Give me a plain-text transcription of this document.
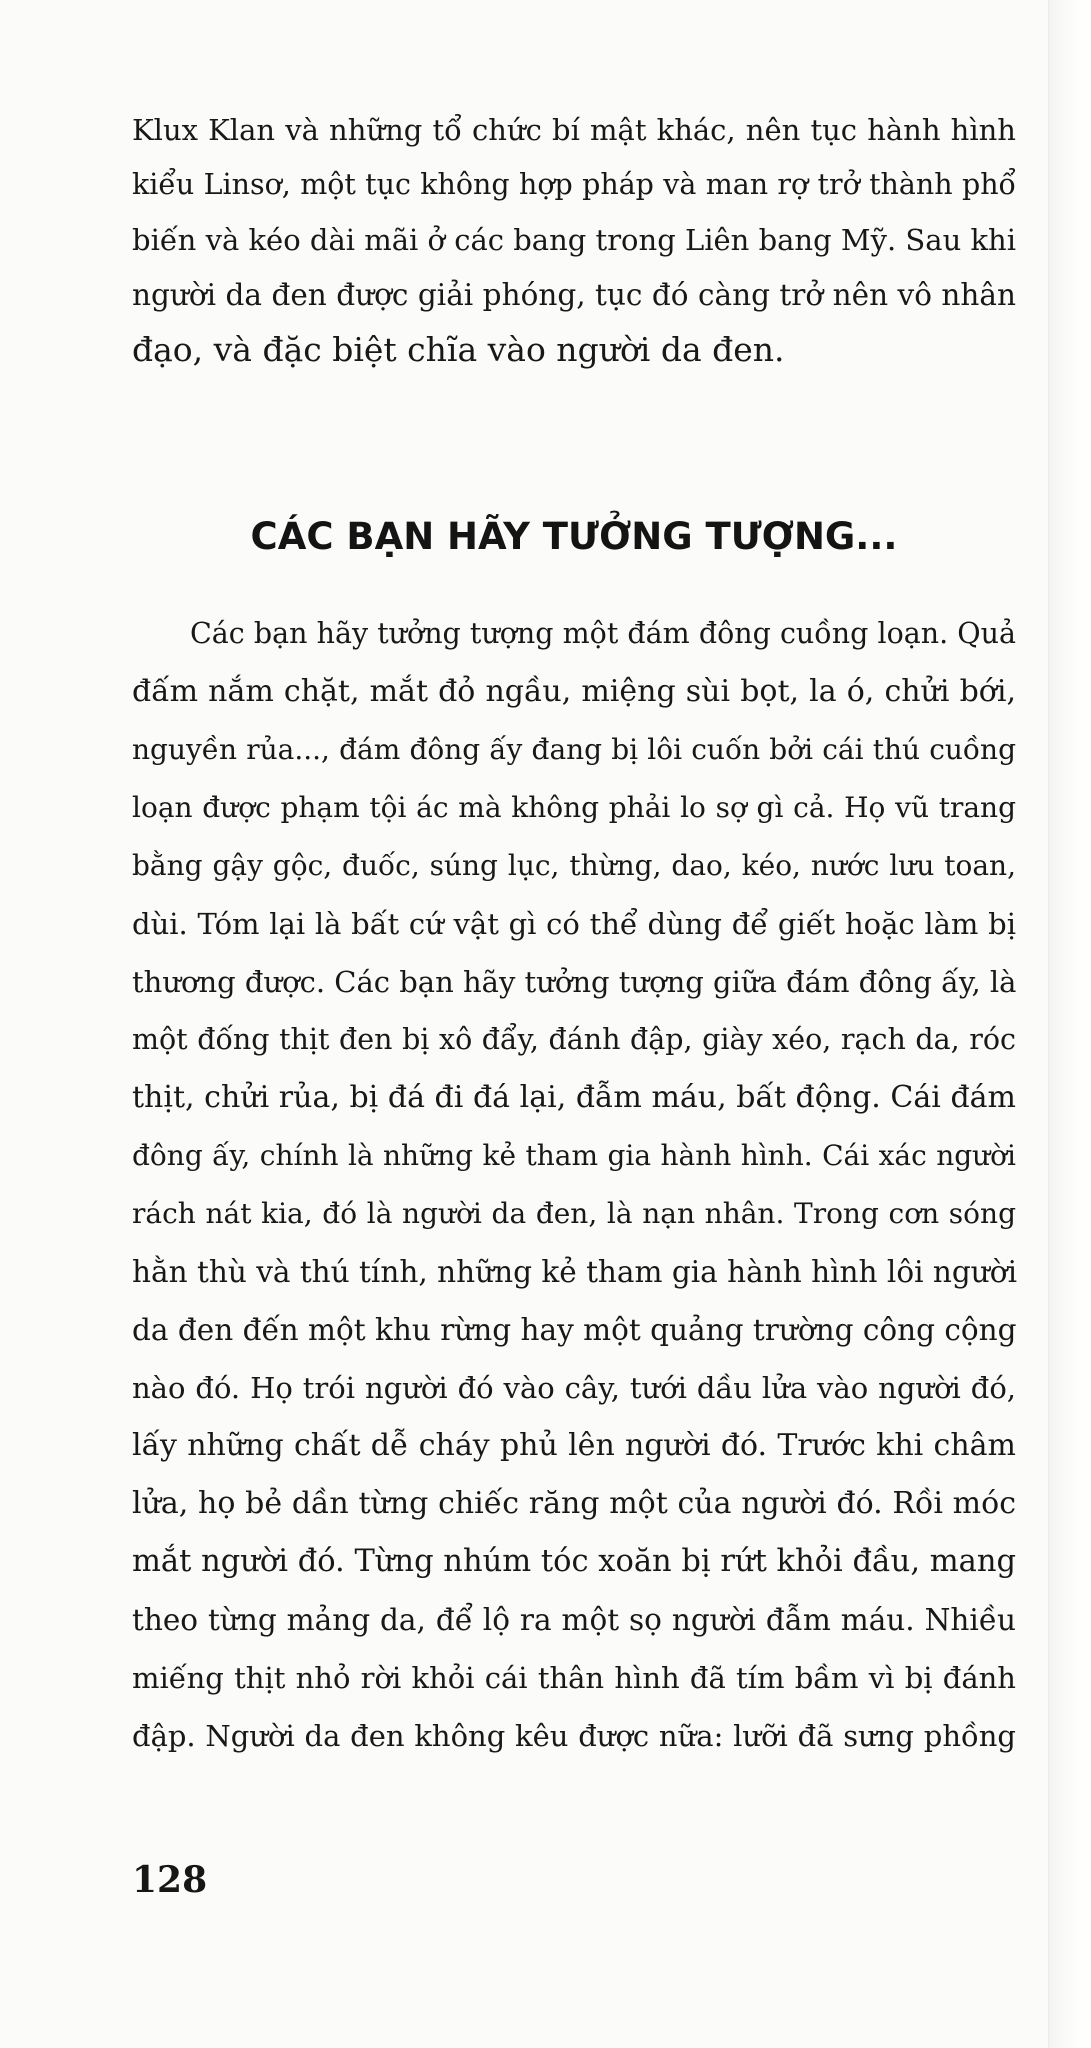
Klux Klan và những tổ chức bí mật khác, nên tục hành hình
kiểu Linsơ, một tục không hợp pháp và man rợ trở thành phổ
biến và kéo dài mãi ở các bang trong Liên bang Mỹ. Sau khi
người da đen được giải phóng, tục đó càng trở nên vô nhân
đạo, và đặc biệt chĩa vào người da đen.
CÁC BẠN HÃY TƯỞNG TƯỢNG...
Các bạn hãy tưởng tượng một đám đông cuồng loạn. Quả
đấm nắm chặt, mắt đỏ ngầu, miệng sùi bọt, la ó, chửi bới,
nguyền rủa..., đám đông ấy đang bị lôi cuốn bởi cái thú cuồng
loạn được phạm tội ác mà không phải lo sợ gì cả. Họ vũ trang
bằng gậy gộc, đuốc, súng lục, thừng, dao, kéo, nước lưu toan,
dùi. Tóm lại là bất cứ vật gì có thể dùng để giết hoặc làm bị
thương được. Các bạn hãy tưởng tượng giữa đám đông ấy, là
một đống thịt đen bị xô đẩy, đánh đập, giày xéo, rạch da, róc
thịt, chửi rủa, bị đá đi đá lại, đẫm máu, bất động. Cái đám
đông ấy, chính là những kẻ tham gia hành hình. Cái xác người
rách nát kia, đó là người da đen, là nạn nhân. Trong cơn sóng
hằn thù và thú tính, những kẻ tham gia hành hình lôi người
da đen đến một khu rừng hay một quảng trường công cộng
nào đó. Họ trói người đó vào cây, tưới dầu lửa vào người đó,
lấy những chất dễ cháy phủ lên người đó. Trước khi châm
lửa, họ bẻ dần từng chiếc răng một của người đó. Rồi móc
mắt người đó. Từng nhúm tóc xoăn bị rứt khỏi đầu, mang
theo từng mảng da, để lộ ra một sọ người đẫm máu. Nhiều
miếng thịt nhỏ rời khỏi cái thân hình đã tím bầm vì bị đánh
đập. Người da đen không kêu được nữa: lưỡi đã sưng phồng
128
